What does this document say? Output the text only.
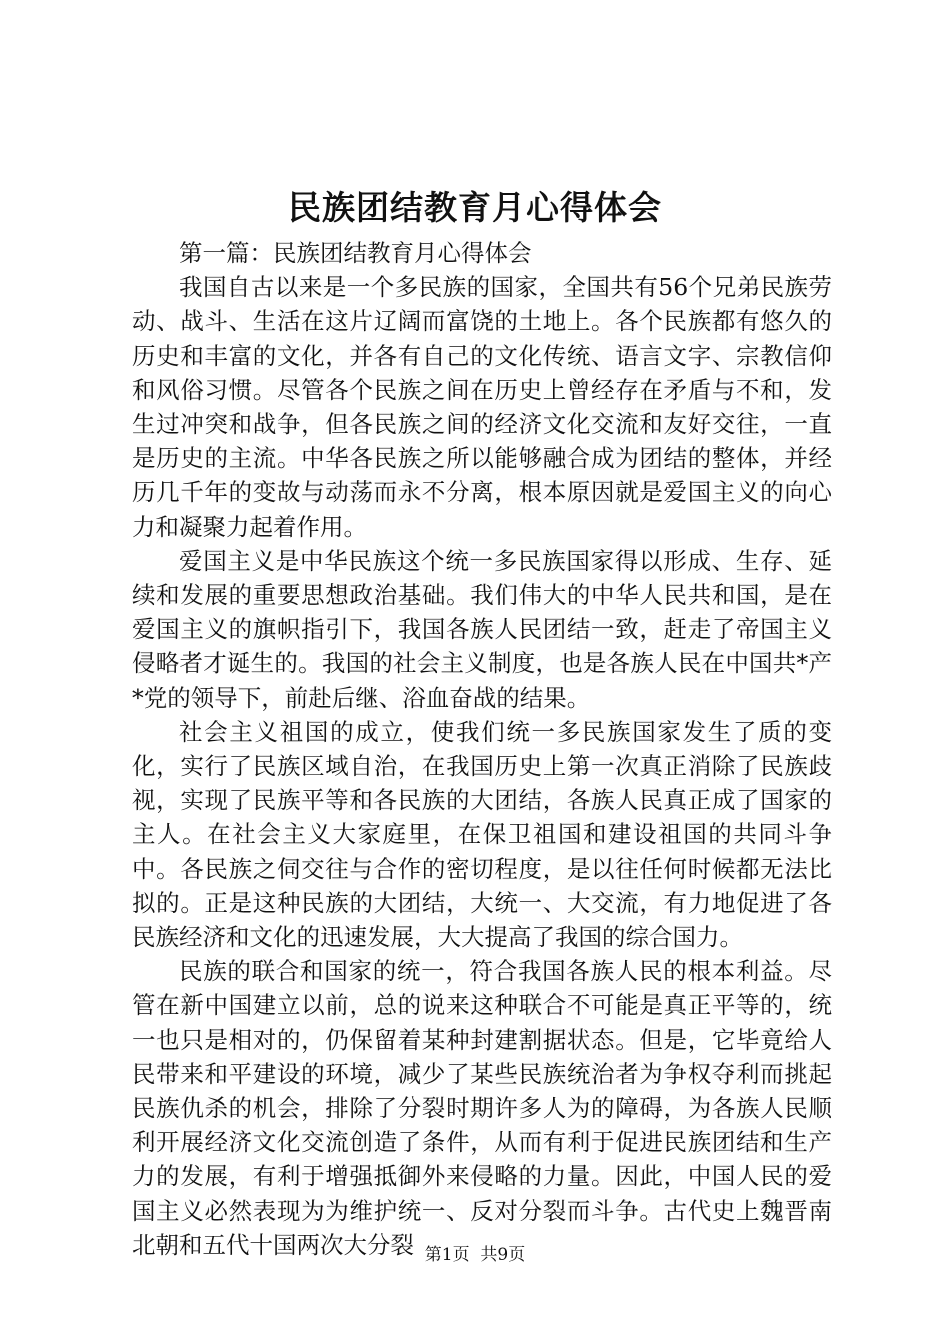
民族团结教育月心得体会

第一篇：民族团结教育月心得体会

我国自古以来是一个多民族的国家，全国共有56个兄弟民族劳动、战斗、生活在这片辽阔而富饶的土地上。各个民族都有悠久的历史和丰富的文化，并各有自己的文化传统、语言文字、宗教信仰和风俗习惯。尽管各个民族之间在历史上曾经存在矛盾与不和，发生过冲突和战争，但各民族之间的经济文化交流和友好交往，一直是历史的主流。中华各民族之所以能够融合成为团结的整体，并经历几千年的变故与动荡而永不分离，根本原因就是爱国主义的向心力和凝聚力起着作用。

爱国主义是中华民族这个统一多民族国家得以形成、生存、延续和发展的重要思想政治基础。我们伟大的中华人民共和国，是在爱国主义的旗帜指引下，我国各族人民团结一致，赶走了帝国主义侵略者才诞生的。我国的社会主义制度，也是各族人民在中国共*产*党的领导下，前赴后继、浴血奋战的结果。

社会主义祖国的成立，使我们统一多民族国家发生了质的变化，实行了民族区域自治，在我国历史上第一次真正消除了民族歧视，实现了民族平等和各民族的大团结，各族人民真正成了国家的主人。在社会主义大家庭里，在保卫祖国和建设祖国的共同斗争中。各民族之伺交往与合作的密切程度，是以往任何时候都无法比拟的。正是这种民族的大团结，大统一、大交流，有力地促进了各民族经济和文化的迅速发展，大大提高了我国的综合国力。

民族的联合和国家的统一，符合我国各族人民的根本利益。尽管在新中国建立以前，总的说来这种联合不可能是真正平等的，统一也只是相对的，仍保留着某种封建割据状态。但是，它毕竟给人民带来和平建设的环境，减少了某些民族统治者为争权夺利而挑起民族仇杀的机会，排除了分裂时期许多人为的障碍，为各族人民顺利开展经济文化交流创造了条件，从而有利于促进民族团结和生产力的发展，有利于增强抵御外来侵略的力量。因此，中国人民的爱国主义必然表现为为维护统一、反对分裂而斗争。古代史上魏晋南北朝和五代十国两次大分裂 第1页 共9页
